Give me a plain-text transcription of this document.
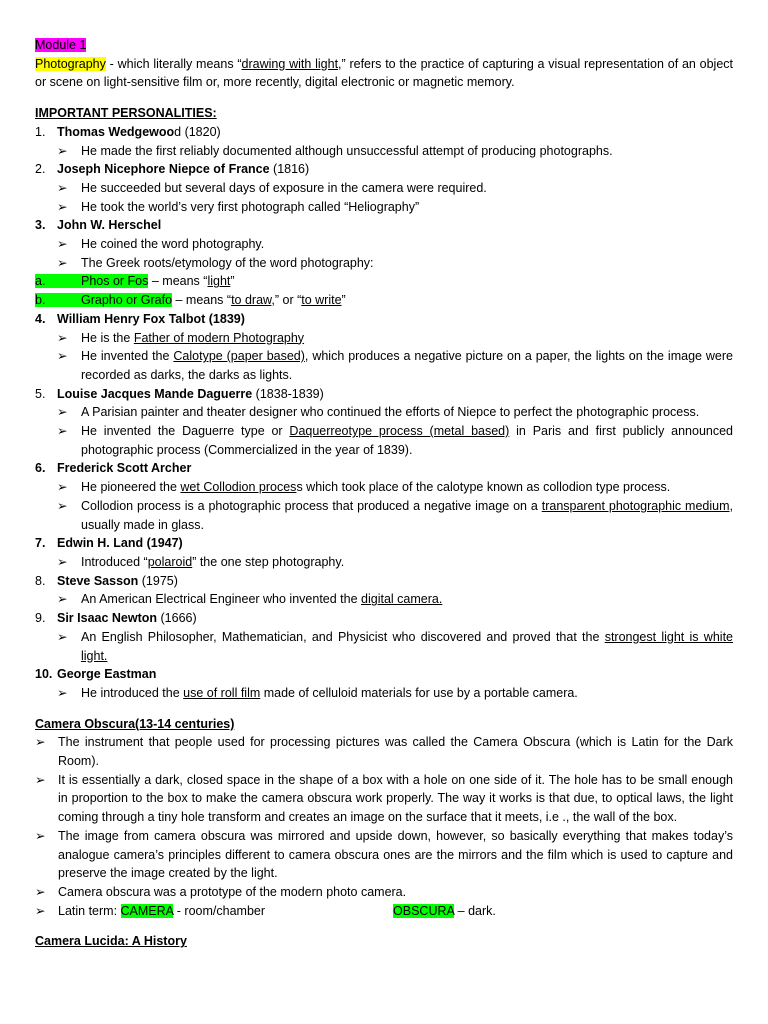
Module 1

Photography - which literally means “drawing with light,” refers to the practice of capturing a visual representation of an object or scene on light-sensitive film or, more recently, digital electronic or magnetic memory.

IMPORTANT PERSONALITIES:

1. Thomas Wedgewood (1820)

➢ He made the first reliably documented although unsuccessful attempt of producing photographs.

2. Joseph Nicephore Niepce of France (1816)

➢ He succeeded but several days of exposure in the camera were required.

➢ He took the world’s very first photograph called “Heliography”

3. John W. Herschel

➢ He coined the word photography.

➢ The Greek roots/etymology of the word photography:

a.	Phos or Fos – means “light”

b.	Grapho or Grafo – means “to draw,” or “to write”

4. William Henry Fox Talbot (1839)

➢ He is the Father of modern Photography

➢ He invented the Calotype (paper based), which produces a negative picture on a paper, the lights on the image were recorded as darks, the darks as lights.

5. Louise Jacques Mande Daguerre (1838-1839)

➢ A Parisian painter and theater designer who continued the efforts of Niepce to perfect the photographic process.

➢ He invented the Daguerre type or Daquerreotype process (metal based) in Paris and first publicly announced photographic process (Commercialized in the year of 1839).

6. Frederick Scott Archer

➢ He pioneered the wet Collodion process which took place of the calotype known as collodion type process.

➢ Collodion process is a photographic process that produced a negative image on a transparent photographic medium, usually made in glass.

7. Edwin H. Land (1947)

➢ Introduced “polaroid” the one step photography.

8. Steve Sasson (1975)

➢ An American Electrical Engineer who invented the digital camera.

9. Sir Isaac Newton (1666)

➢ An English Philosopher, Mathematician, and Physicist who discovered and proved that the strongest light is white light.

10. George Eastman

➢ He introduced the use of roll film made of celluloid materials for use by a portable camera.

Camera Obscura(13-14 centuries)

➢ The instrument that people used for processing pictures was called the Camera Obscura (which is Latin for the Dark Room).

➢ It is essentially a dark, closed space in the shape of a box with a hole on one side of it. The hole has to be small enough in proportion to the box to make the camera obscura work properly. The way it works is that due, to optical laws, the light coming through a tiny hole transform and creates an image on the surface that it meets, i.e ., the wall of the box.

➢ The image from camera obscura was mirrored and upside down, however, so basically everything that makes today’s analogue camera’s principles different to camera obscura ones are the mirrors and the film which is used to capture and preserve the image created by the light.

➢ Camera obscura was a prototype of the modern photo camera.

➢ Latin term: CAMERA - room/chamber	OBSCURA – dark.

Camera Lucida: A History
